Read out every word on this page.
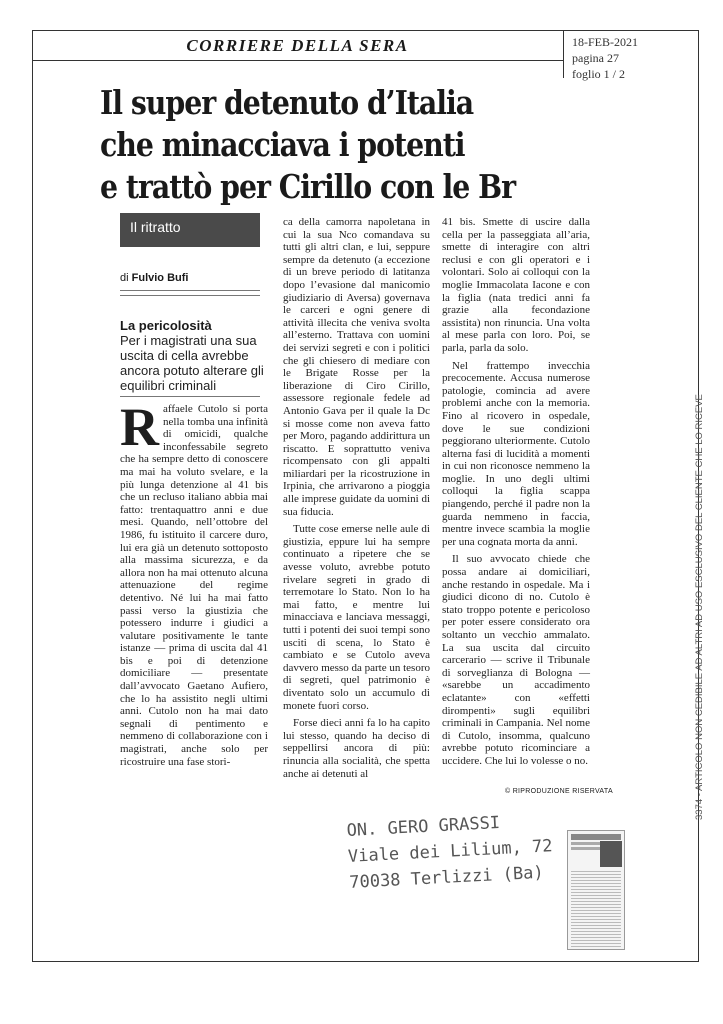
CORRIERE DELLA SERA	18-FEB-2021
pagina 27
foglio 1 / 2
Il super detenuto d’Italia
che minacciava i potenti
e trattò per Cirillo con le Br
Il ritratto
di Fulvio Bufi
La pericolosità
Per i magistrati una sua uscita di cella avrebbe ancora potuto alterare gli equilibri criminali

Raffaele Cutolo si porta nella tomba una infinità di omicidi, qualche inconfessabile segreto che ha sempre detto di conoscere ma mai ha voluto svelare, e la più lunga detenzione al 41 bis che un recluso italiano abbia mai fatto: trentaquattro anni e due mesi. Quando, nell’ottobre del 1986, fu istituito il carcere duro, lui era già un detenuto sottoposto alla massima sicurezza, e da allora non ha mai ottenuto alcuna attenuazione del regime detentivo. Né lui ha mai fatto passi verso la giustizia che potessero indurre i giudici a valutare positivamente le tante istanze — prima di uscita dal 41 bis e poi di detenzione domiciliare — presentate dall’avvocato Gaetano Aufiero, che lo ha assistito negli ultimi anni. Cutolo non ha mai dato segnali di pentimento e nemmeno di collaborazione con i magistrati, anche solo per ricostruire una fase stori-

ca della camorra napoletana in cui la sua Nco comandava su tutti gli altri clan, e lui, seppure sempre da detenuto (a eccezione di un breve periodo di latitanza dopo l’evasione dal manicomio giudiziario di Aversa) governava le carceri e ogni genere di attività illecita che veniva svolta all’esterno. Trattava con uomini dei servizi segreti e con i politici che gli chiesero di mediare con le Brigate Rosse per la liberazione di Ciro Cirillo, assessore regionale fedele ad Antonio Gava per il quale la Dc si mosse come non aveva fatto per Moro, pagando addirittura un riscatto. E soprattutto veniva ricompensato con gli appalti miliardari per la ricostruzione in Irpinia, che arrivarono a pioggia alle imprese guidate da uomini di sua fiducia.

Tutte cose emerse nelle aule di giustizia, eppure lui ha sempre continuato a ripetere che se avesse voluto, avrebbe potuto rivelare segreti in grado di terremotare lo Stato. Non lo ha mai fatto, e mentre lui minacciava e lanciava messaggi, tutti i potenti dei suoi tempi sono usciti di scena, lo Stato è cambiato e se Cutolo aveva davvero messo da parte un tesoro di segreti, quel patrimonio è diventato solo un accumulo di monete fuori corso.

Forse dieci anni fa lo ha capito lui stesso, quando ha deciso di seppellirsi ancora di più: rinuncia alla socialità, che spetta anche ai detenuti al

41 bis. Smette di uscire dalla cella per la passeggiata all’aria, smette di interagire con altri reclusi e con gli operatori e i volontari. Solo ai colloqui con la moglie Immacolata Iacone e con la figlia (nata tredici anni fa grazie alla fecondazione assistita) non rinuncia. Una volta al mese parla con loro. Poi, se parla, parla da solo.

Nel frattempo invecchia precocemente. Accusa numerose patologie, comincia ad avere problemi anche con la memoria. Fino al ricovero in ospedale, dove le sue condizioni peggiorano ulteriormente. Cutolo alterna fasi di lucidità a momenti in cui non riconosce nemmeno la moglie. In uno degli ultimi colloqui la figlia scappa piangendo, perché il padre non la guarda nemmeno in faccia, mentre invece scambia la moglie per una cognata morta da anni.

Il suo avvocato chiede che possa andare ai domiciliari, anche restando in ospedale. Ma i giudici dicono di no. Cutolo è stato troppo potente e pericoloso per poter essere considerato ora soltanto un vecchio ammalato. La sua uscita dal circuito carcerario — scrive il Tribunale di sorveglianza di Bologna — «sarebbe un accadimento eclatante» con «effetti dirompenti» sugli equilibri criminali in Campania. Nel nome di Cutolo, insomma, qualcuno avrebbe potuto ricominciare a uccidere. Che lui lo volesse o no.

© RIPRODUZIONE RISERVATA
ON. GERO GRASSI
Viale dei Lilium, 72
70038 Terlizzi (Ba)
3374 - ARTICOLO NON CEDIBILE AD ALTRI AD USO ESCLUSIVO DEL CLIENTE CHE LO RICEVE
